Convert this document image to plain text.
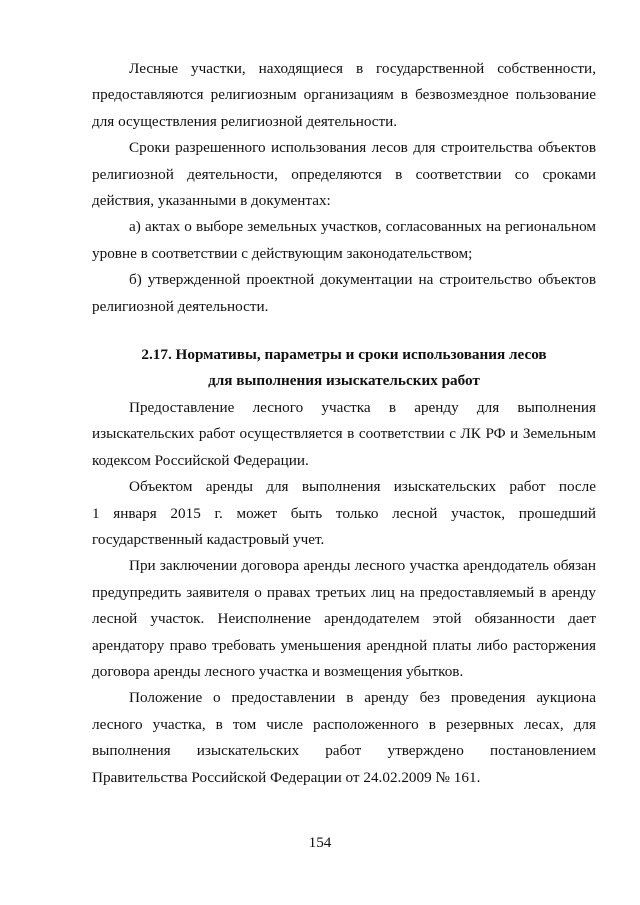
Лесные участки, находящиеся в государственной собственности,
предоставляются религиозным организациям в безвозмездное пользование
для осуществления религиозной деятельности.

Сроки разрешенного использования лесов для строительства объектов
религиозной деятельности, определяются в соответствии со сроками
действия, указанными в документах:

а) актах о выборе земельных участков, согласованных на региональном
уровне в соответствии с действующим законодательством;

б) утвержденной проектной документации на строительство объектов
религиозной деятельности.

2.17. Нормативы, параметры и сроки использования лесов
для выполнения изыскательских работ

Предоставление лесного участка в аренду для выполнения
изыскательских работ осуществляется в соответствии с ЛК РФ и Земельным
кодексом Российской Федерации.

Объектом аренды для выполнения изыскательских работ после
1 января 2015 г. может быть только лесной участок, прошедший
государственный кадастровый учет.

При заключении договора аренды лесного участка арендодатель обязан
предупредить заявителя о правах третьих лиц на предоставляемый в аренду
лесной участок. Неисполнение арендодателем этой обязанности дает
арендатору право требовать уменьшения арендной платы либо расторжения
договора аренды лесного участка и возмещения убытков.

Положение о предоставлении в аренду без проведения аукциона
лесного участка, в том числе расположенного в резервных лесах, для
выполнения изыскательских работ утверждено постановлением
Правительства Российской Федерации от 24.02.2009 № 161.

154
